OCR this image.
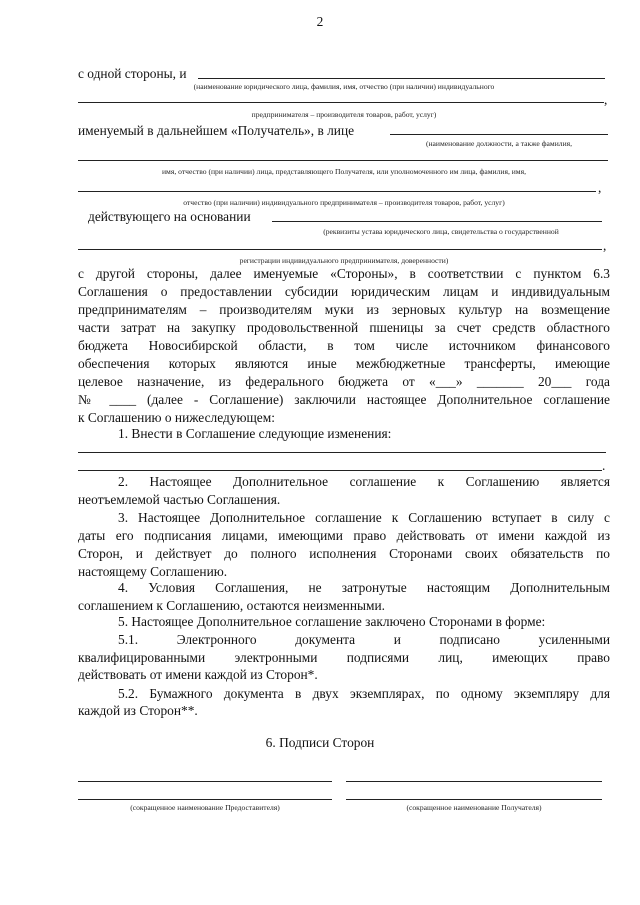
2
с одной стороны, и
(наименование юридического лица, фамилия, имя, отчество (при наличии) индивидуального
,
предпринимателя – производителя товаров, работ, услуг)
именуемый в дальнейшем «Получатель», в лице
(наименование должности, а также фамилия,
имя, отчество (при наличии) лица, представляющего Получателя, или уполномоченного им лица, фамилия, имя,
,
отчество (при наличии) индивидуального предпринимателя – производителя товаров, работ, услуг)
действующего на основании
(реквизиты устава юридического лица, свидетельства о государственной
,
регистрации индивидуального предпринимателя, доверенности)
с другой стороны, далее именуемые «Стороны», в соответствии с пунктом 6.3
Соглашения о предоставлении субсидии юридическим лицам и индивидуальным
предпринимателям – производителям муки из зерновых культур на возмещение
части затрат на закупку продовольственной пшеницы за счет средств областного
бюджета Новосибирской области, в том числе источником финансового
обеспечения которых являются иные межбюджетные трансферты, имеющие
целевое назначение, из федерального бюджета от «___» _______ 20___ года
№ ____ (далее - Соглашение) заключили настоящее Дополнительное соглашение
к Соглашению о нижеследующем:
1. Внести в Соглашение следующие изменения:
.
2. Настоящее Дополнительное соглашение к Соглашению является
неотъемлемой частью Соглашения.
3. Настоящее Дополнительное соглашение к Соглашению вступает в силу с
даты его подписания лицами, имеющими право действовать от имени каждой из
Сторон, и действует до полного исполнения Сторонами своих обязательств по
настоящему Соглашению.
4. Условия Соглашения, не затронутые настоящим Дополнительным
соглашением к Соглашению, остаются неизменными.
5. Настоящее Дополнительное соглашение заключено Сторонами в форме:
5.1. Электронного документа и подписано усиленными
квалифицированными электронными подписями лиц, имеющих право
действовать от имени каждой из Сторон*.
5.2. Бумажного документа в двух экземплярах, по одному экземпляру для
каждой из Сторон**.
6. Подписи Сторон
(сокращенное наименование Предоставителя)	(сокращенное наименование Получателя)
